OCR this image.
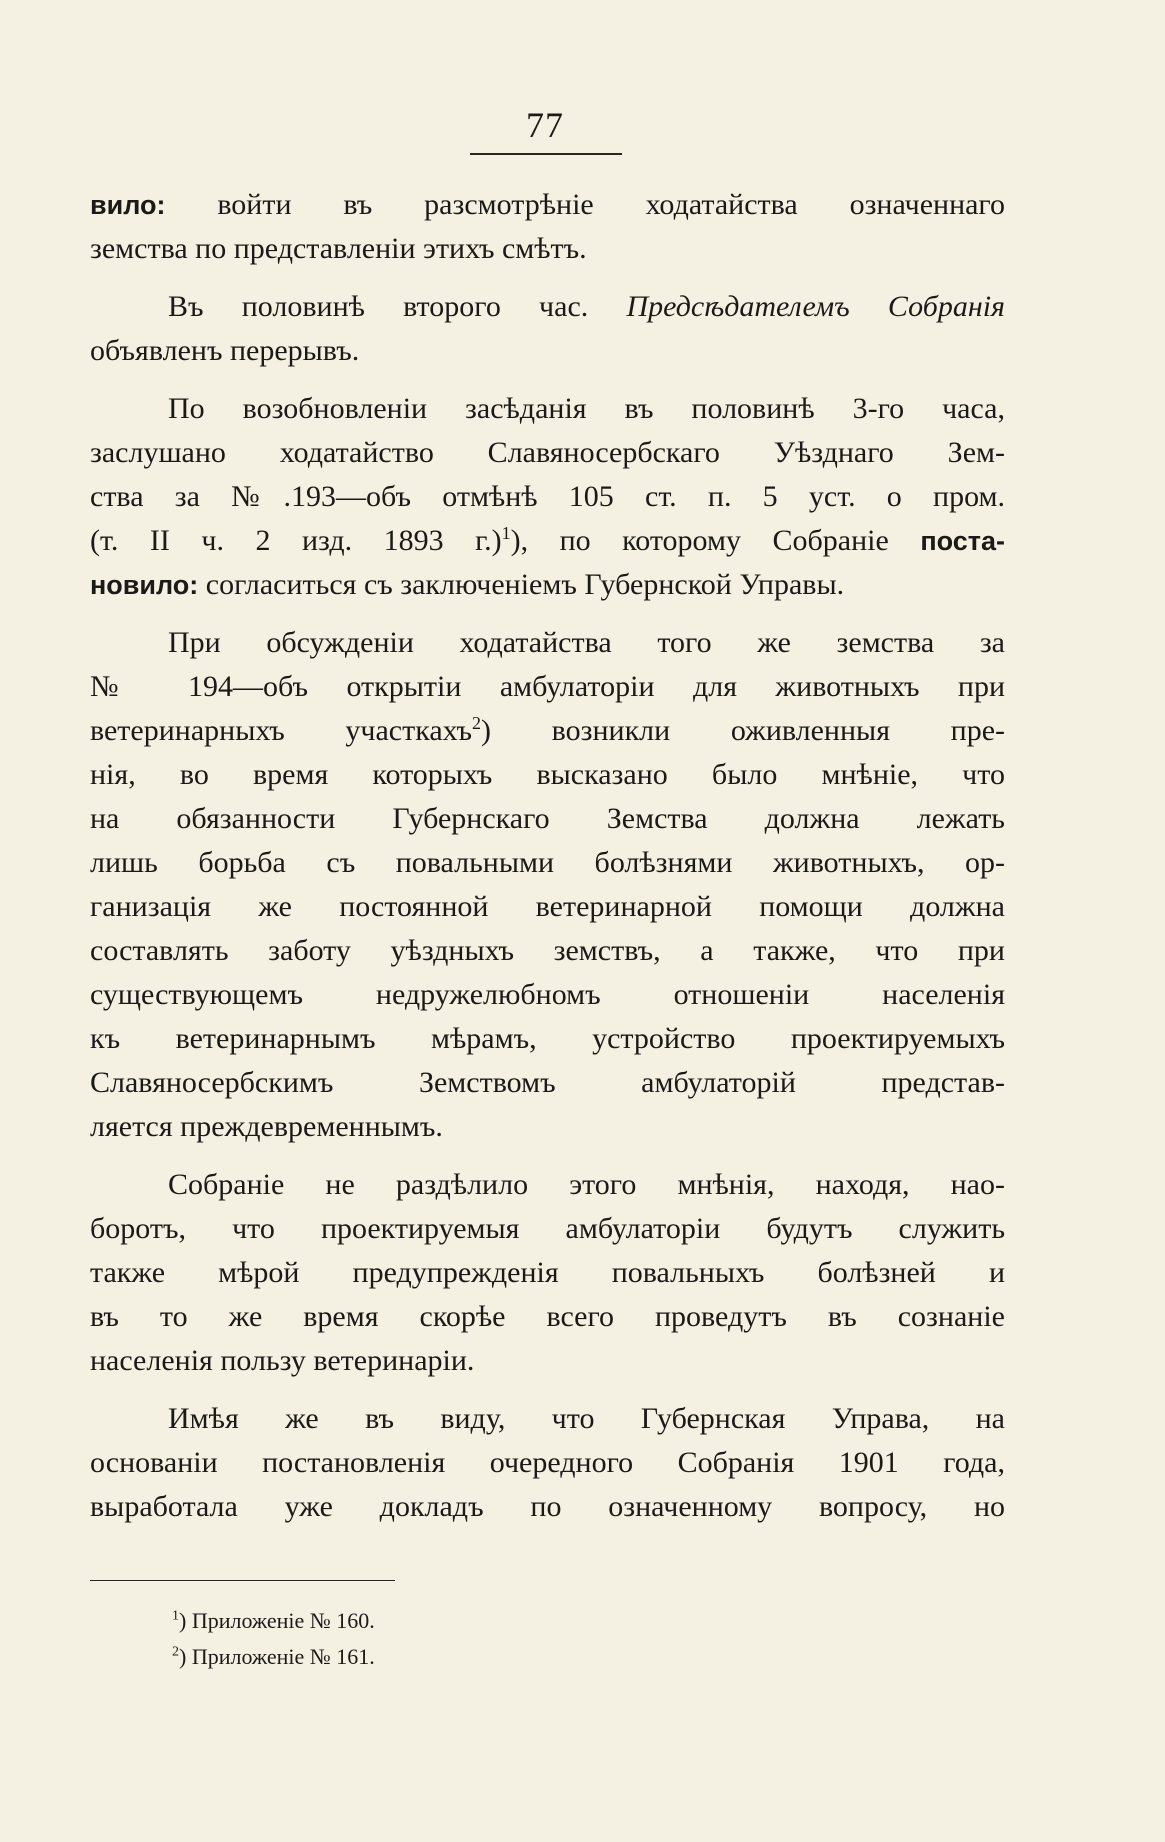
77
вило: войти въ разсмотрѣніе ходатайства означеннаго
земства по представленіи этихъ смѣтъ.
Въ половинѣ второго час. Предсѣдателемъ Собранія
объявленъ перерывъ.
По возобновленіи засѣданія въ половинѣ 3-го часа,
заслушано ходатайство Славяносербскаго Уѣзднаго Зем-
ства за №.193—объ отмѣнѣ 105 ст. п. 5 уст. о пром.
(т. II ч. 2 изд. 1893 г.)$^1$), по которому Собраніе поста-
новило: согласиться съ заключеніемъ Губернской Управы.
При обсужденіи ходатайства того же земства за
№ 194—объ открытіи амбулаторіи для животныхъ при
ветеринарныхъ участкахъ$^2$) возникли оживленныя пре-
нія, во время которыхъ высказано было мнѣніе, что
на обязанности Губернскаго Земства должна лежать
лишь борьба съ повальными болѣзнями животныхъ, ор-
ганизація же постоянной ветеринарной помощи должна
составлять заботу уѣздныхъ земствъ, а также, что при
существующемъ недружелюбномъ отношеніи населенія
къ ветеринарнымъ мѣрамъ, устройство проектируемыхъ
Славяносербскимъ Земствомъ амбулаторій представ-
ляется преждевременнымъ.
Собраніе не раздѣлило этого мнѣнія, находя, нао-
боротъ, что проектируемыя амбулаторіи будутъ служить
также мѣрой предупрежденія повальныхъ болѣзней и
въ то же время скорѣе всего проведутъ въ сознаніе
населенія пользу ветеринаріи.
Имѣя же въ виду, что Губернская Управа, на
основаніи постановленія очередного Собранія 1901 года,
выработала уже докладъ по означенному вопросу, но
$^1$) Приложеніе № 160.
$^2$) Приложеніе № 161.
